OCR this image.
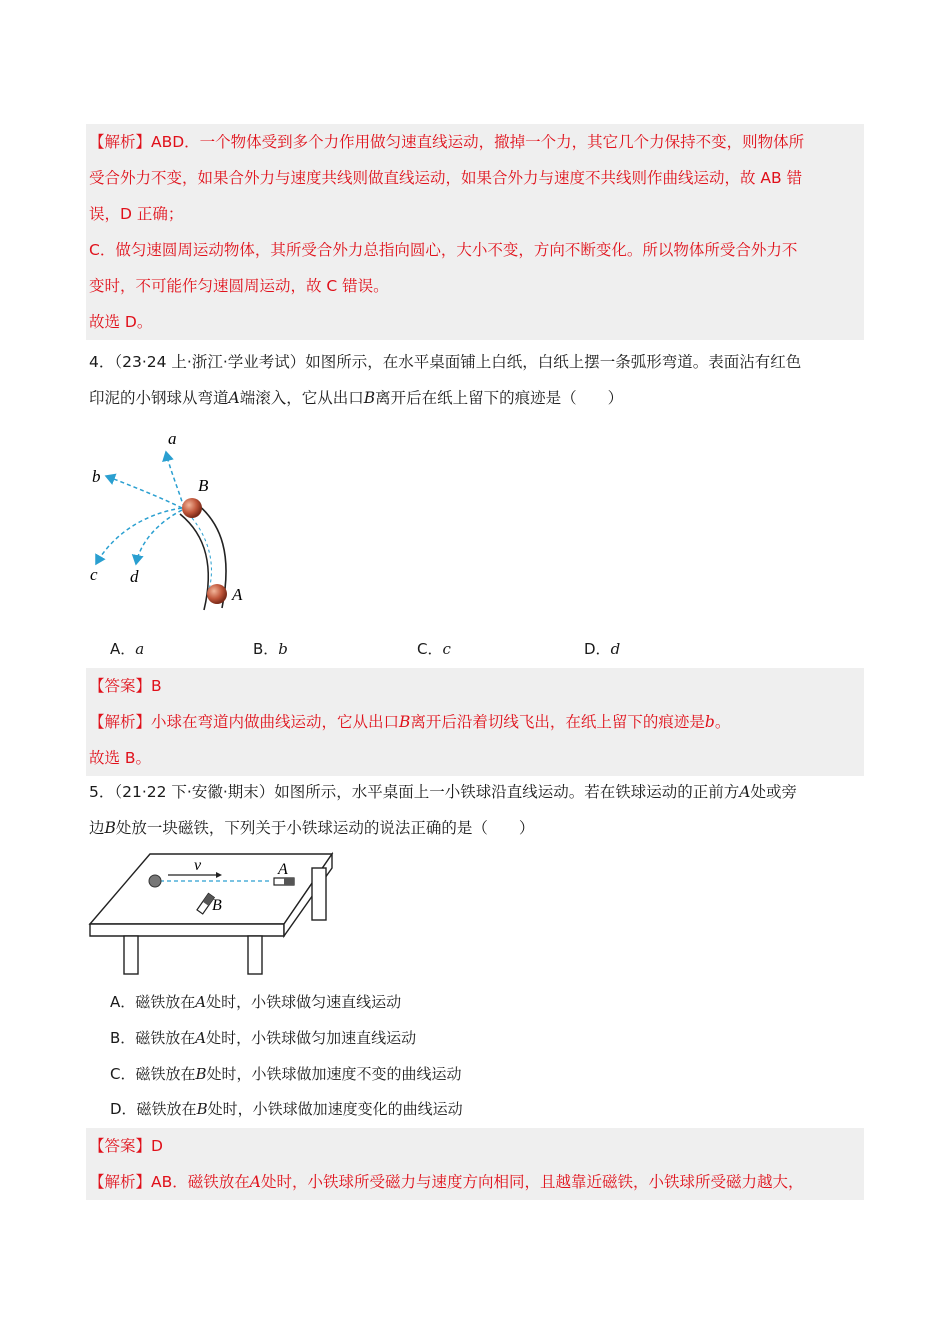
【解析】ABD．一个物体受到多个力作用做匀速直线运动，撤掉一个力，其它几个力保持不变，则物体所
受合外力不变，如果合外力与速度共线则做直线运动，如果合外力与速度不共线则作曲线运动，故 AB 错
误，D 正确；
C．做匀速圆周运动物体，其所受合外力总指向圆心，大小不变，方向不断变化。所以物体所受合外力不
变时，不可能作匀速圆周运动，故 C 错误。
故选 D。
4．（23·24 上·浙江·学业考试）如图所示，在水平桌面铺上白纸，白纸上摆一条弧形弯道。表面沾有红色
印泥的小钢球从弯道A端滚入，它从出口B离开后在纸上留下的痕迹是（　　）
a
b
c d
B
A
A．a	B．b	C．c	D．d
【答案】B
【解析】小球在弯道内做曲线运动，它从出口B离开后沿着切线飞出，在纸上留下的痕迹是b。
故选 B。
5．（21·22 下·安徽·期末）如图所示，水平桌面上一小铁球沿直线运动。若在铁球运动的正前方A处或旁
边B处放一块磁铁，下列关于小铁球运动的说法正确的是（　　）
v	A
B
A．磁铁放在A处时，小铁球做匀速直线运动
B．磁铁放在A处时，小铁球做匀加速直线运动
C．磁铁放在B处时，小铁球做加速度不变的曲线运动
D．磁铁放在B处时，小铁球做加速度变化的曲线运动
【答案】D
【解析】AB．磁铁放在A处时，小铁球所受磁力与速度方向相同，且越靠近磁铁，小铁球所受磁力越大，
